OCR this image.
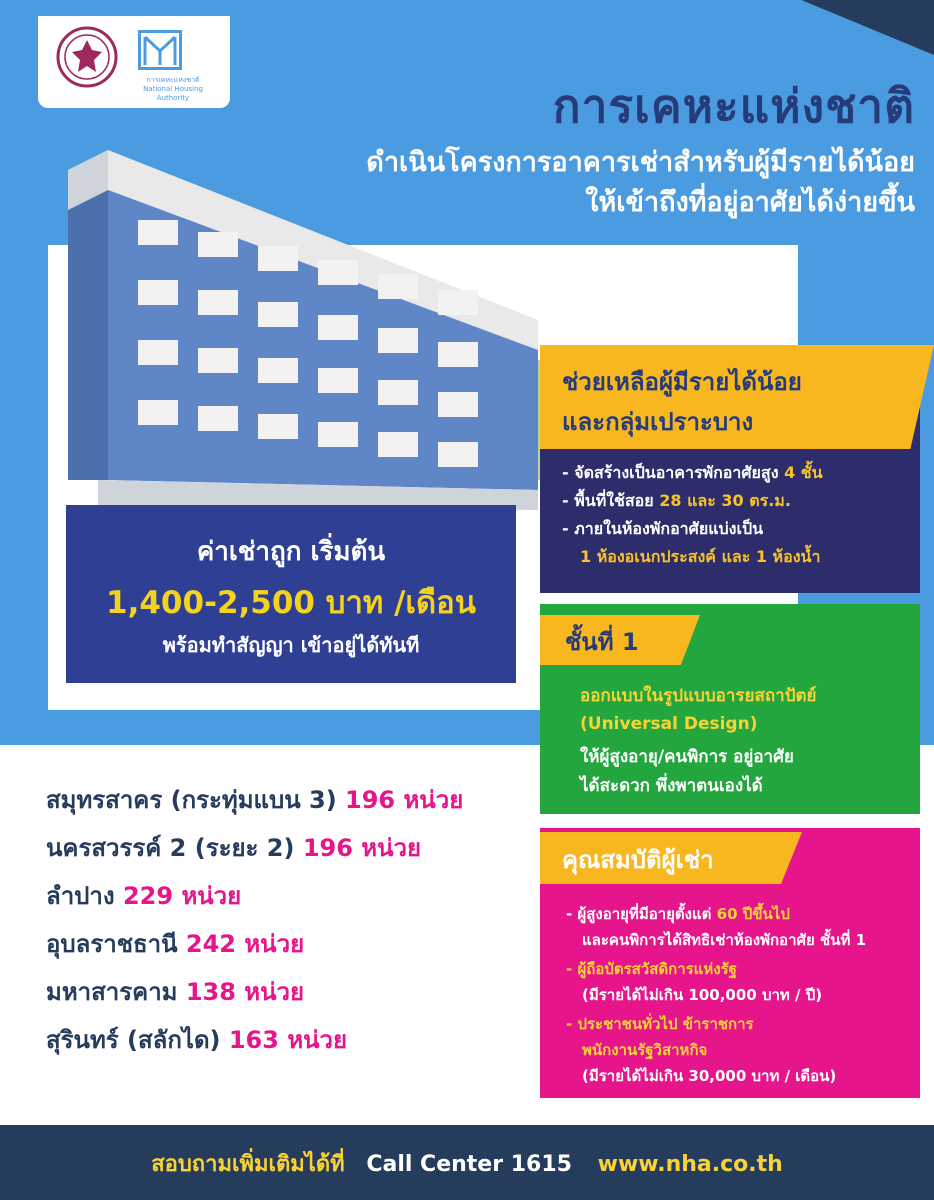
การเคหะแห่งชาติ
National Housing Authority	การเคหะแห่งชาติ
ดำเนินโครงการอาคารเช่าสำหรับผู้มีรายได้น้อย
ให้เข้าถึงที่อยู่อาศัยได้ง่ายขึ้น
ค่าเช่าถูก เริ่มต้น
1,400-2,500 บาท /เดือน
พร้อมทำสัญญา เข้าอยู่ได้ทันที
ช่วยเหลือผู้มีรายได้น้อย
และกลุ่มเปราะบาง
- จัดสร้างเป็นอาคารพักอาศัยสูง 4 ชั้น
- พื้นที่ใช้สอย 28 และ 30 ตร.ม.
- ภายในห้องพักอาศัยแบ่งเป็น
1 ห้องอเนกประสงค์ และ 1 ห้องน้ำ
ชั้นที่ 1
ออกแบบในรูปแบบอารยสถาปัตย์
(Universal Design)
ให้ผู้สูงอายุ/คนพิการ อยู่อาศัย
ได้สะดวก พึ่งพาตนเองได้
คุณสมบัติผู้เช่า
- ผู้สูงอายุที่มีอายุตั้งแต่ 60 ปีขึ้นไป
และคนพิการได้สิทธิเช่าห้องพักอาศัย ชั้นที่ 1
- ผู้ถือบัตรสวัสดิการแห่งรัฐ
(มีรายได้ไม่เกิน 100,000 บาท / ปี)
- ประชาชนทั่วไป ข้าราชการ
พนักงานรัฐวิสาหกิจ
(มีรายได้ไม่เกิน 30,000 บาท / เดือน)
สมุทรสาคร (กระทุ่มแบน 3) 196 หน่วย
นครสวรรค์ 2 (ระยะ 2) 196 หน่วย
ลำปาง 229 หน่วย
อุบลราชธานี 242 หน่วย
มหาสารคาม 138 หน่วย
สุรินทร์ (สลักได) 163 หน่วย
สอบถามเพิ่มเติมได้ที่ Call Center 1615 www.nha.co.th
